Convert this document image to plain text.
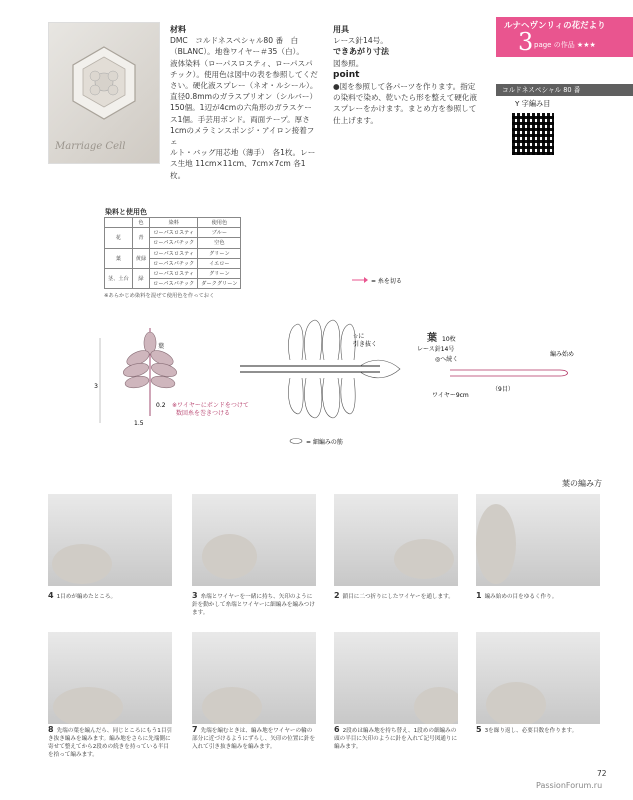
Marriage Cell
材料
DMC　コルドネスペシャル80 番　白
（BLANC）。地巻ワイヤー＃35（白）。
液体染料（ローパスロスティ、ローパスパ
チック）。使用色は図中の表を参照してくだ
さい。硬化液スプレー（ネオ・ルシール）。
直径0.8mmのガラスブリオン（シルバー）
150個。1辺が4cmの六角形のガラスケー
ス1個。手芸用ボンド。両面テープ。厚さ
1cmのメラミンスポンジ・アイロン接着フェ
ルト・バッグ用芯地（薄手）　各1枚。レー
ス生地 11cm×11cm、7cm×7cm 各1
枚。
用具
レース針14号。
できあがり寸法
図参照。
point
●図を参照して各パーツを作ります。指定
の染料で染め、乾いたら形を整えて硬化液
スプレーをかけます。まとめ方を参照して
仕上げます。
ルナヘヴンリィの花だより
3 page の作品 ★★★
コルドネスペシャル 80 番
Y 字編み目
染料と使用色
	色	染料	使用色
花	青	ローパスロスティ	ブルー
		ローパスパチック	空色
葉	黄緑	ローパスロスティ	グリーン
		ローパスパチック	イエロー
茎、土台	緑	ローパスロスティ	グリーン
		ローパスパチック	ダークグリーン
※あらかじめ染料を混ぜて使用色を作っておく
= 糸を切る
葉 10枚
レース針14号
葉
3
1.5
0.2 ※ワイヤーにボンドをつけて
数回糸を巻きつける
☆に
引き抜く
◎へ続く
編み始め
（9目）
ワイヤー9cm
= 細編みの筋
葉の編み方
4 1目めが編めたところ。	3 糸端とワイヤーを一緒に持ち、矢印のように針を動かして糸端とワイヤーに細編みを編みつけます。
2 鎖目に二つ折りにしたワイヤーを通します。	1 編み始めの目をゆるく作り。
8 先端の葉を編んだら、同じところにもう1目引き抜き編みを編みます。編み地をさらに先端側に寄せて整えてから2段めの続きを持っている半目を拾って編みます。
7 先端を編むときは、編み地をワイヤーの輪の部分に近づけるようにずらし、矢印の位置に針を入れて引き抜き編みを編みます。
6 2段めは編み地を持ち替え、1段めの細編みの頭の半目に矢印のように針を入れて記号図通りに編みます。
5 3を繰り返し、必要目数を作ります。
72
PassionForum.ru
